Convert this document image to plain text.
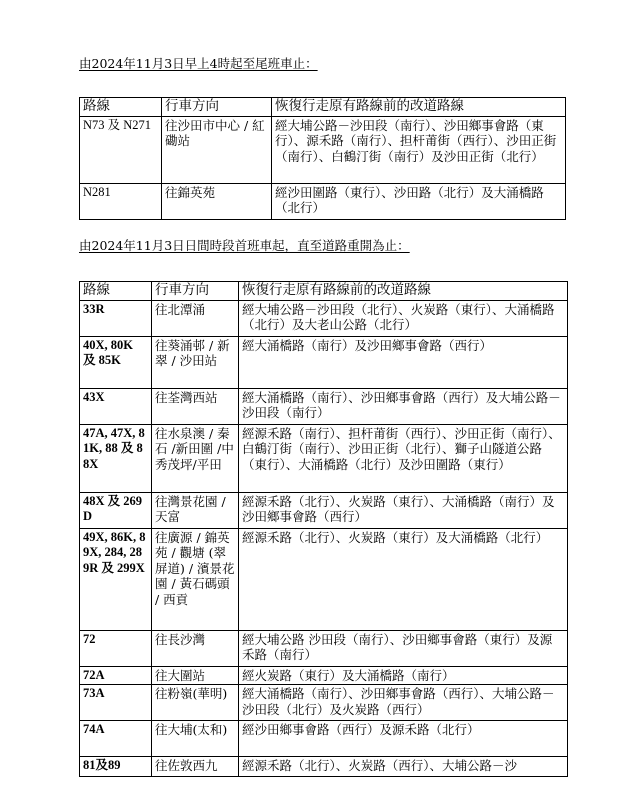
由2024年11月3日早上4時起至尾班車止：
路線	行車方向	恢復行走原有路線前的改道路線
N73 及 N271	往沙田市中心 / 紅磡站	經大埔公路－沙田段（南行）、沙田鄉事會路（東行）、源禾路（南行）、担杆莆街（西行）、沙田正街（南行）、白鶴汀街（南行）及沙田正街（北行）
N281	往錦英苑	經沙田圍路（東行）、沙田路（北行）及大涌橋路（北行）
由2024年11月3日日間時段首班車起，直至道路重開為止：
路線	行車方向	恢復行走原有路線前的改道路線
33R	往北潭涌	經大埔公路－沙田段（北行）、火炭路（東行）、大涌橋路（北行）及大老山公路（北行）
40X, 80K 及 85K	往葵涌邨 / 新翠 / 沙田站	經大涌橋路（南行）及沙田鄉事會路（西行）
43X	往荃灣西站	經大涌橋路（南行）、沙田鄉事會路（西行）及大埔公路－沙田段（南行）
47A, 47X, 81K, 88 及 88X	往水泉澳 / 秦石 /新田圍 /中秀茂坪/平田	經源禾路（南行）、担杆莆街（西行）、沙田正街（南行）、白鶴汀街（南行）、沙田正街（北行）、獅子山隧道公路（東行）、大涌橋路（北行）及沙田圍路（東行）
48X 及 269D	往灣景花園 / 天富	經源禾路（北行）、火炭路（東行）、大涌橋路（南行）及沙田鄉事會路（西行）
49X, 86K, 89X, 284, 289R 及 299X	往廣源 / 錦英苑 / 觀塘 (翠屏道) / 濱景花園 / 黃石碼頭 / 西貢	經源禾路（北行）、火炭路（東行）及大涌橋路（北行）
72	往長沙灣	經大埔公路 沙田段（南行）、沙田鄉事會路（東行）及源禾路（南行）
72A	往大圍站	經火炭路（東行）及大涌橋路（南行）
73A	往粉嶺(華明)	經大涌橋路（南行）、沙田鄉事會路（西行）、大埔公路－沙田段（北行）及火炭路（西行）
74A	往大埔(太和)	經沙田鄉事會路（西行）及源禾路（北行）
81及89	往佐敦西九	經源禾路（北行）、火炭路（西行）、大埔公路－沙
